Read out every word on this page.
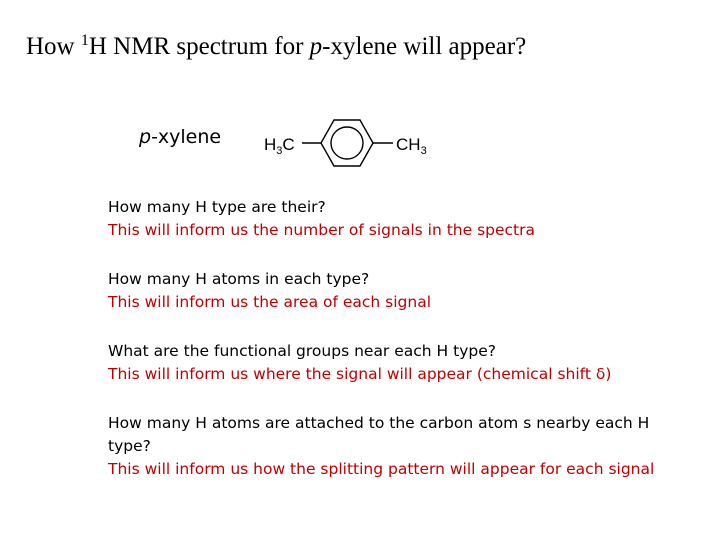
How $^1$H NMR spectrum for p-xylene will appear?
p-xylene	$H_3C$	$CH_3$
How many H type are their?
This will inform us the number of signals in the spectra
How many H atoms in each type?
This will inform us the area of each signal
What are the functional groups near each H type?
This will inform us where the signal will appear (chemical shift δ)
How many H atoms are attached to the carbon atom s nearby each H type?
This will inform us how the splitting pattern will appear for each signal
